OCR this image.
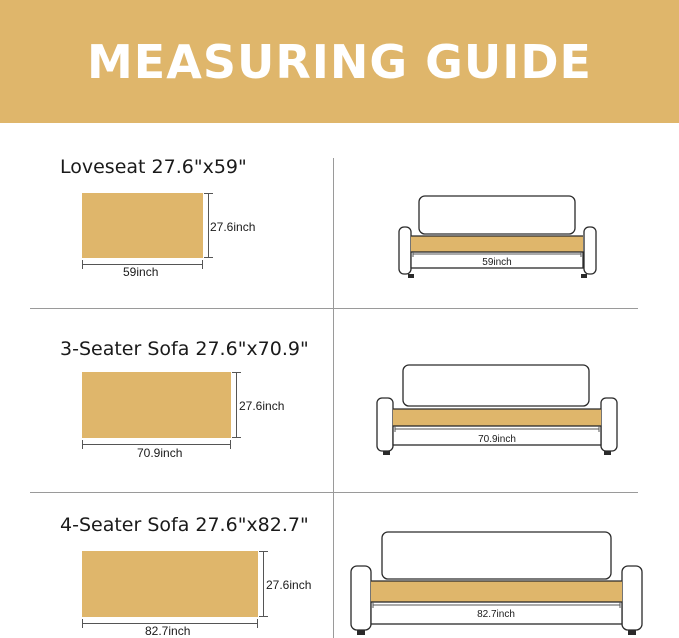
MEASURING GUIDE
Loveseat 27.6"x59"
27.6inch
59inch
59inch
3-Seater Sofa 27.6"x70.9"
27.6inch
70.9inch
70.9inch
4-Seater Sofa 27.6"x82.7"
27.6inch
82.7inch
82.7inch
